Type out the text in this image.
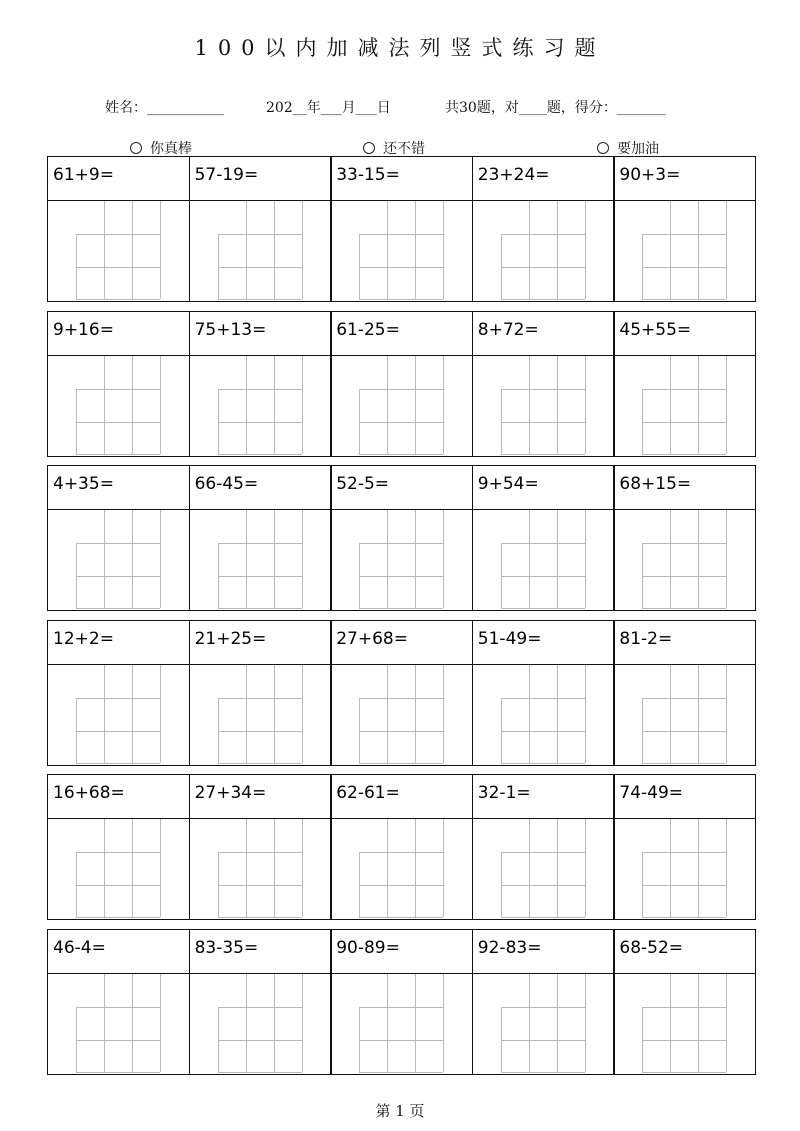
100以内加减法列竖式练习题
姓名：___________	202__年___月___日	共30题，对____题，得分：_______
你真棒	还不错	要加油
61+9=	57-19=	33-15=	23+24=	90+3=
9+16=	75+13=	61-25=	8+72=	45+55=
4+35=	66-45=	52-5=	9+54=	68+15=
12+2=	21+25=	27+68=	51-49=	81-2=
16+68=	27+34=	62-61=	32-1=	74-49=
46-4=	83-35=	90-89=	92-83=	68-52=
第 1 页
